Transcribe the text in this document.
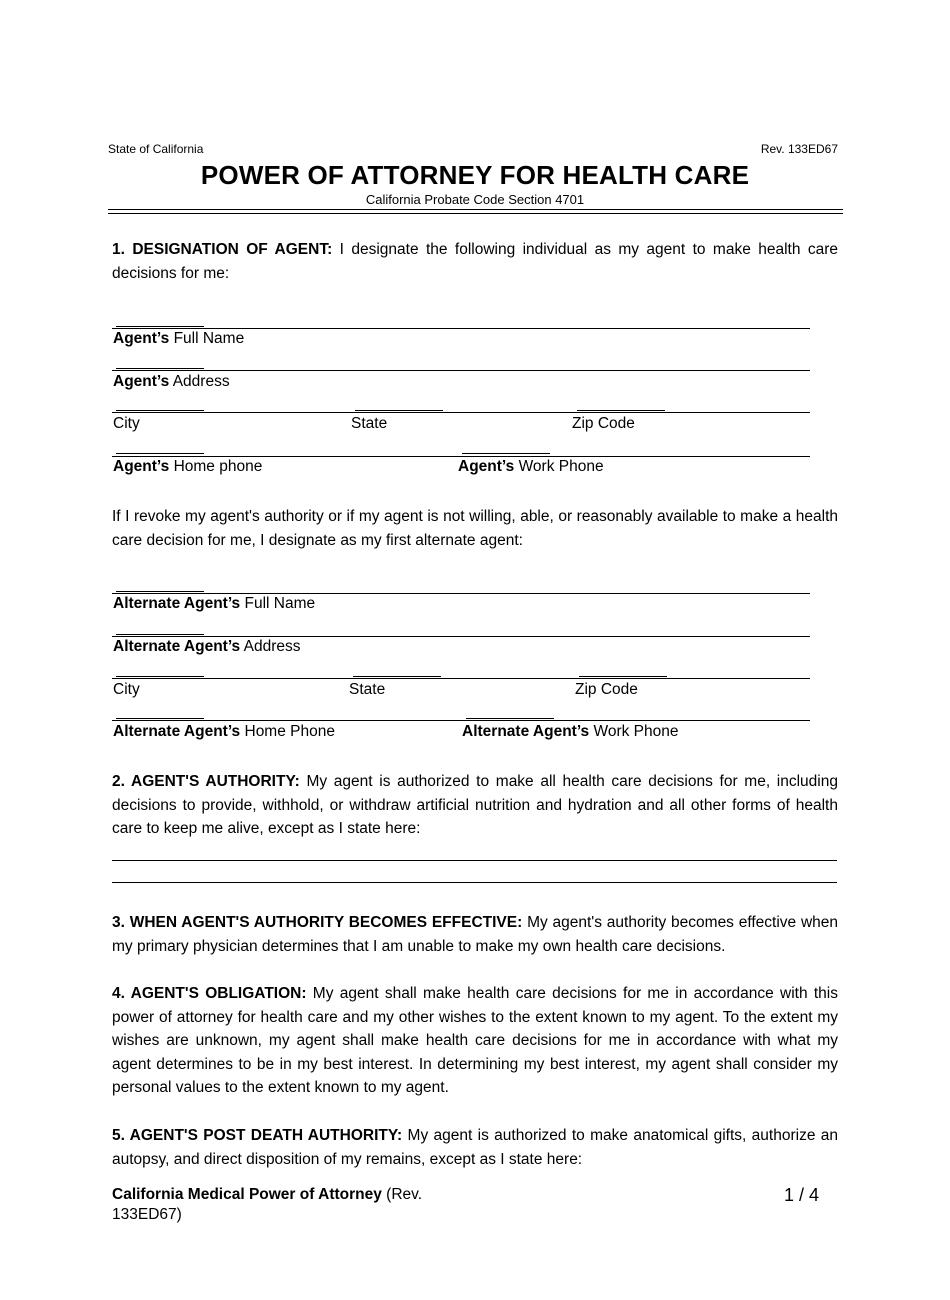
State of California	Rev. 133ED67
POWER OF ATTORNEY FOR HEALTH CARE
California Probate Code Section 4701
1. DESIGNATION OF AGENT: I designate the following individual as my agent to make health care decisions for me:
Agent’s Full Name
Agent’s Address
City	State	Zip Code
Agent’s Home phone	Agent’s Work Phone
If I revoke my agent's authority or if my agent is not willing, able, or reasonably available to make a health care decision for me, I designate as my first alternate agent:
Alternate Agent’s Full Name
Alternate Agent’s Address
City	State	Zip Code
Alternate Agent’s Home Phone	Alternate Agent’s Work Phone
2. AGENT'S AUTHORITY: My agent is authorized to make all health care decisions for me, including decisions to provide, withhold, or withdraw artificial nutrition and hydration and all other forms of health care to keep me alive, except as I state here:
3. WHEN AGENT'S AUTHORITY BECOMES EFFECTIVE: My agent's authority becomes effective when my primary physician determines that I am unable to make my own health care decisions.
4. AGENT'S OBLIGATION: My agent shall make health care decisions for me in accordance with this power of attorney for health care and my other wishes to the extent known to my agent. To the extent my wishes are unknown, my agent shall make health care decisions for me in accordance with what my agent determines to be in my best interest. In determining my best interest, my agent shall consider my personal values to the extent known to my agent.
5. AGENT'S POST DEATH AUTHORITY: My agent is authorized to make anatomical gifts, authorize an autopsy, and direct disposition of my remains, except as I state here:
California Medical Power of Attorney (Rev.
133ED67)
1 / 4
